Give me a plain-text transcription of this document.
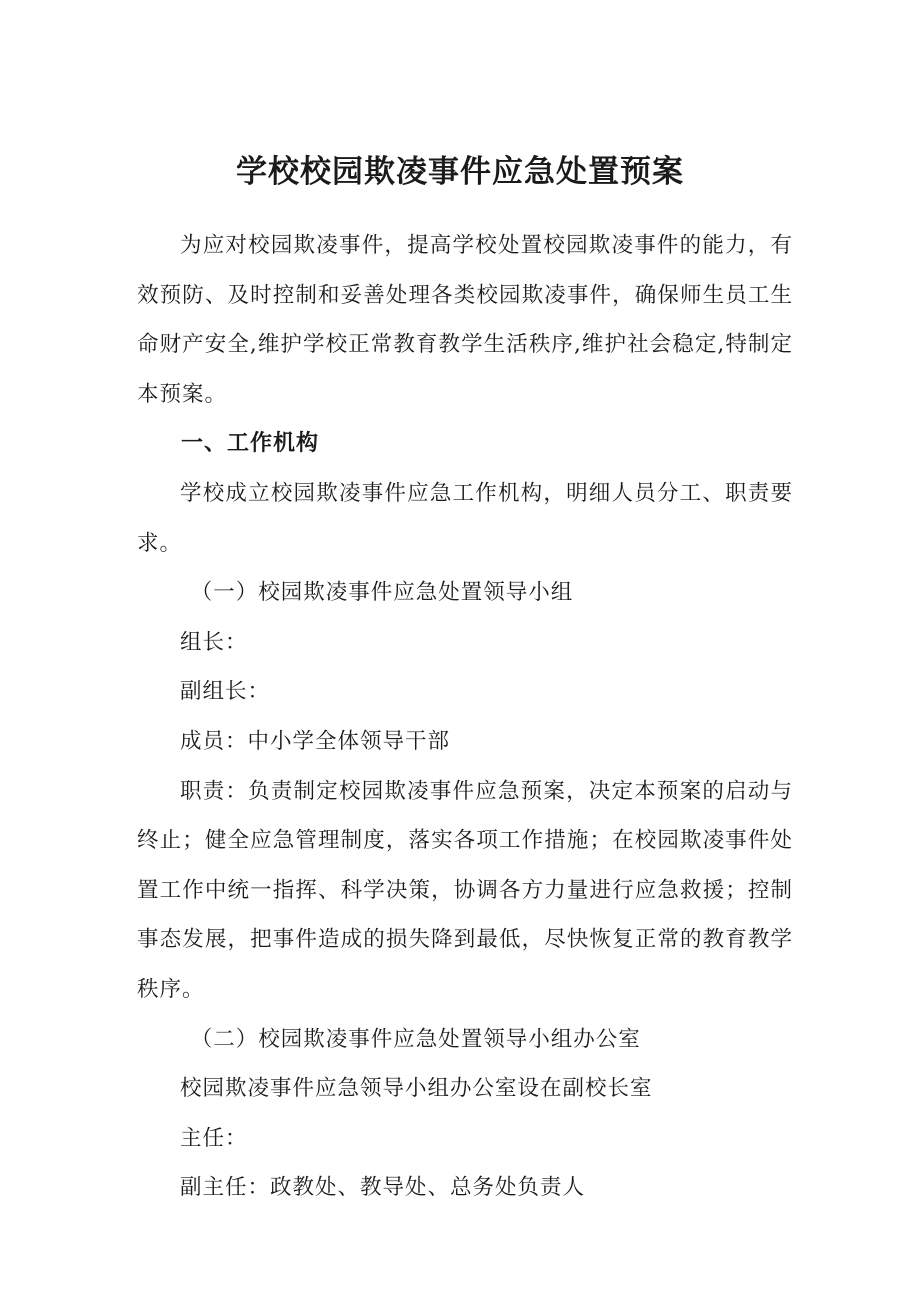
学校校园欺凌事件应急处置预案

为应对校园欺凌事件，提高学校处置校园欺凌事件的能力，有效预防、及时控制和妥善处理各类校园欺凌事件，确保师生员工生命财产安全,维护学校正常教育教学生活秩序,维护社会稳定,特制定本预案。

一、工作机构

学校成立校园欺凌事件应急工作机构，明细人员分工、职责要求。

（一）校园欺凌事件应急处置领导小组

组长：

副组长：

成员：中小学全体领导干部

职责：负责制定校园欺凌事件应急预案，决定本预案的启动与终止；健全应急管理制度，落实各项工作措施；在校园欺凌事件处置工作中统一指挥、科学决策，协调各方力量进行应急救援；控制事态发展，把事件造成的损失降到最低，尽快恢复正常的教育教学秩序。

（二）校园欺凌事件应急处置领导小组办公室

校园欺凌事件应急领导小组办公室设在副校长室

主任：

副主任：政教处、教导处、总务处负责人
